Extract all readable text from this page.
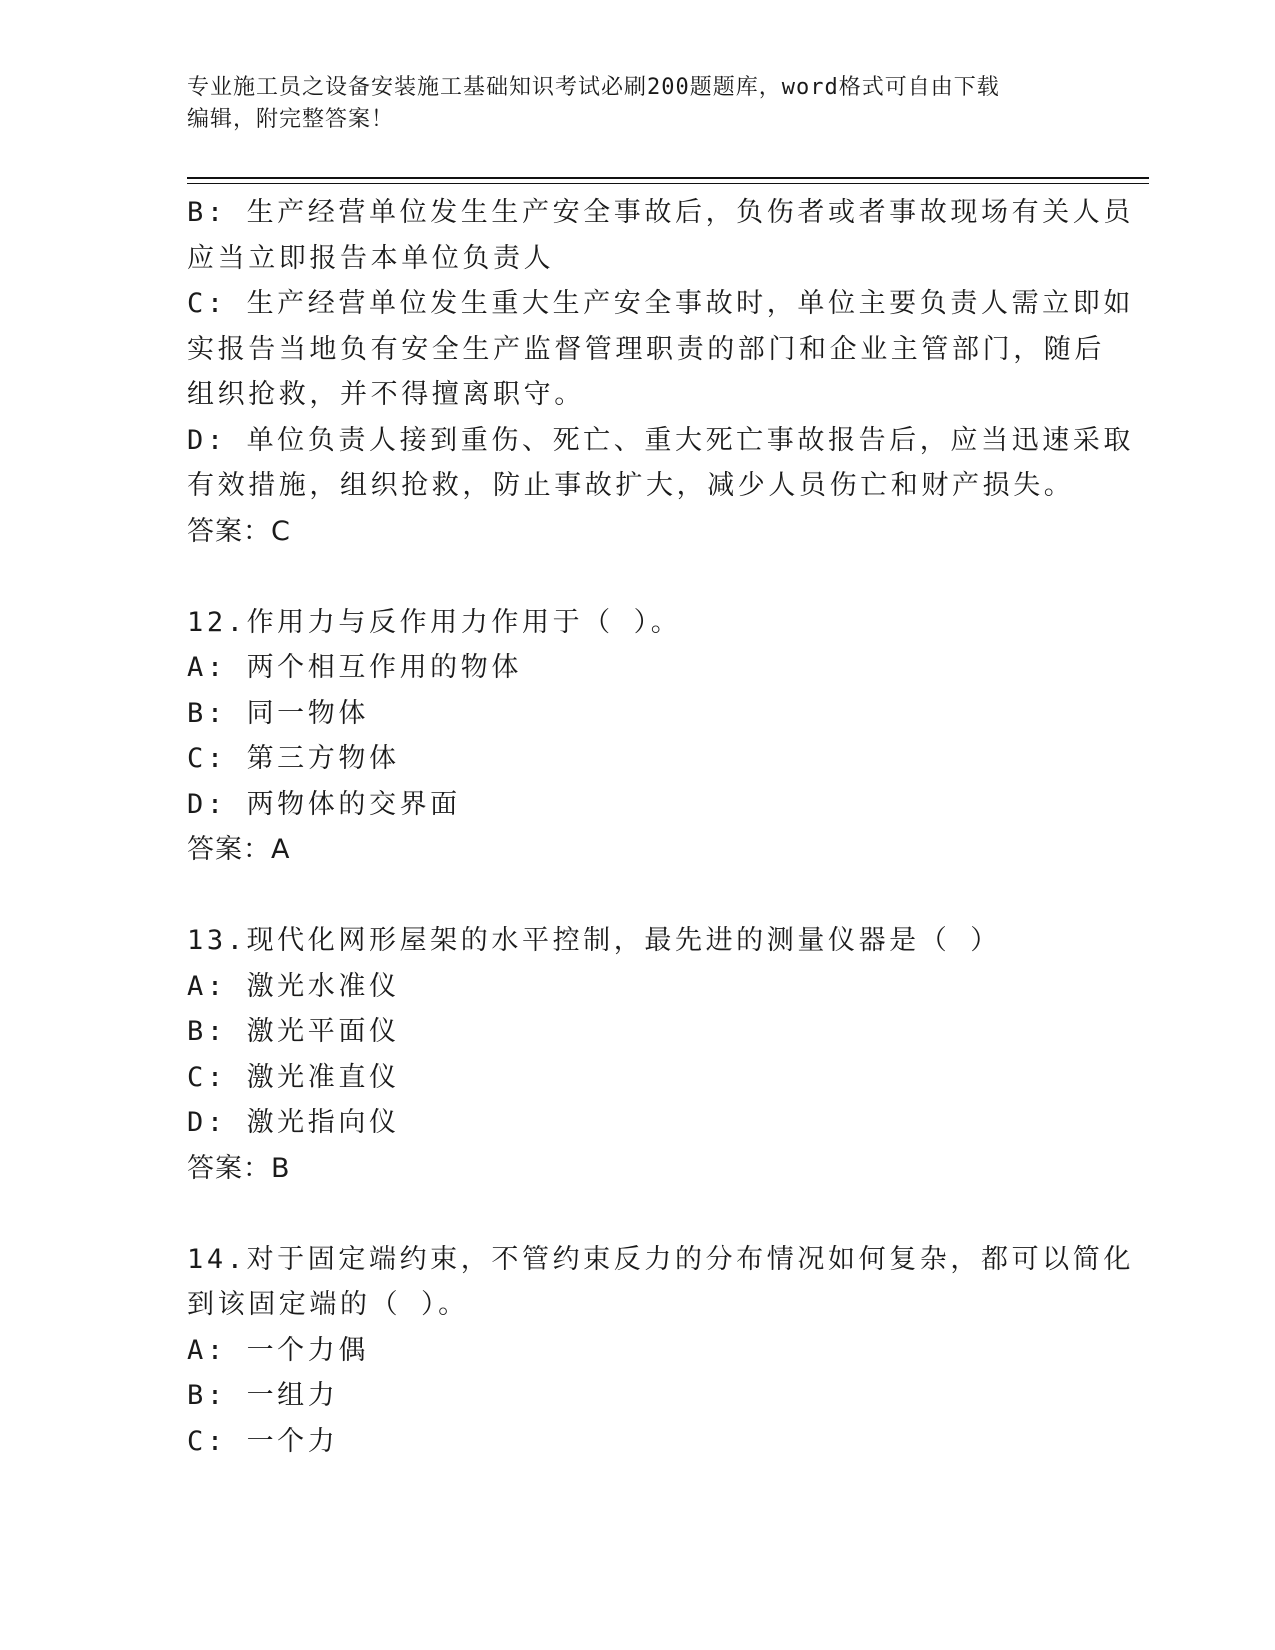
专业施工员之设备安装施工基础知识考试必刷200题题库，word格式可自由下载
编辑，附完整答案！

B: 生产经营单位发生生产安全事故后，负伤者或者事故现场有关人员

应当立即报告本单位负责人

C: 生产经营单位发生重大生产安全事故时，单位主要负责人需立即如

实报告当地负有安全生产监督管理职责的部门和企业主管部门，随后

组织抢救，并不得擅离职守。

D: 单位负责人接到重伤、死亡、重大死亡事故报告后，应当迅速采取

有效措施，组织抢救，防止事故扩大，减少人员伤亡和财产损失。

答案：C

12.作用力与反作用力作用于（ ）。

A: 两个相互作用的物体

B: 同一物体

C: 第三方物体

D: 两物体的交界面

答案：A

13.现代化网形屋架的水平控制，最先进的测量仪器是（ ）

A: 激光水准仪

B: 激光平面仪

C: 激光准直仪

D: 激光指向仪

答案：B

14.对于固定端约束，不管约束反力的分布情况如何复杂，都可以简化

到该固定端的（ ）。

A: 一个力偶

B: 一组力

C: 一个力
